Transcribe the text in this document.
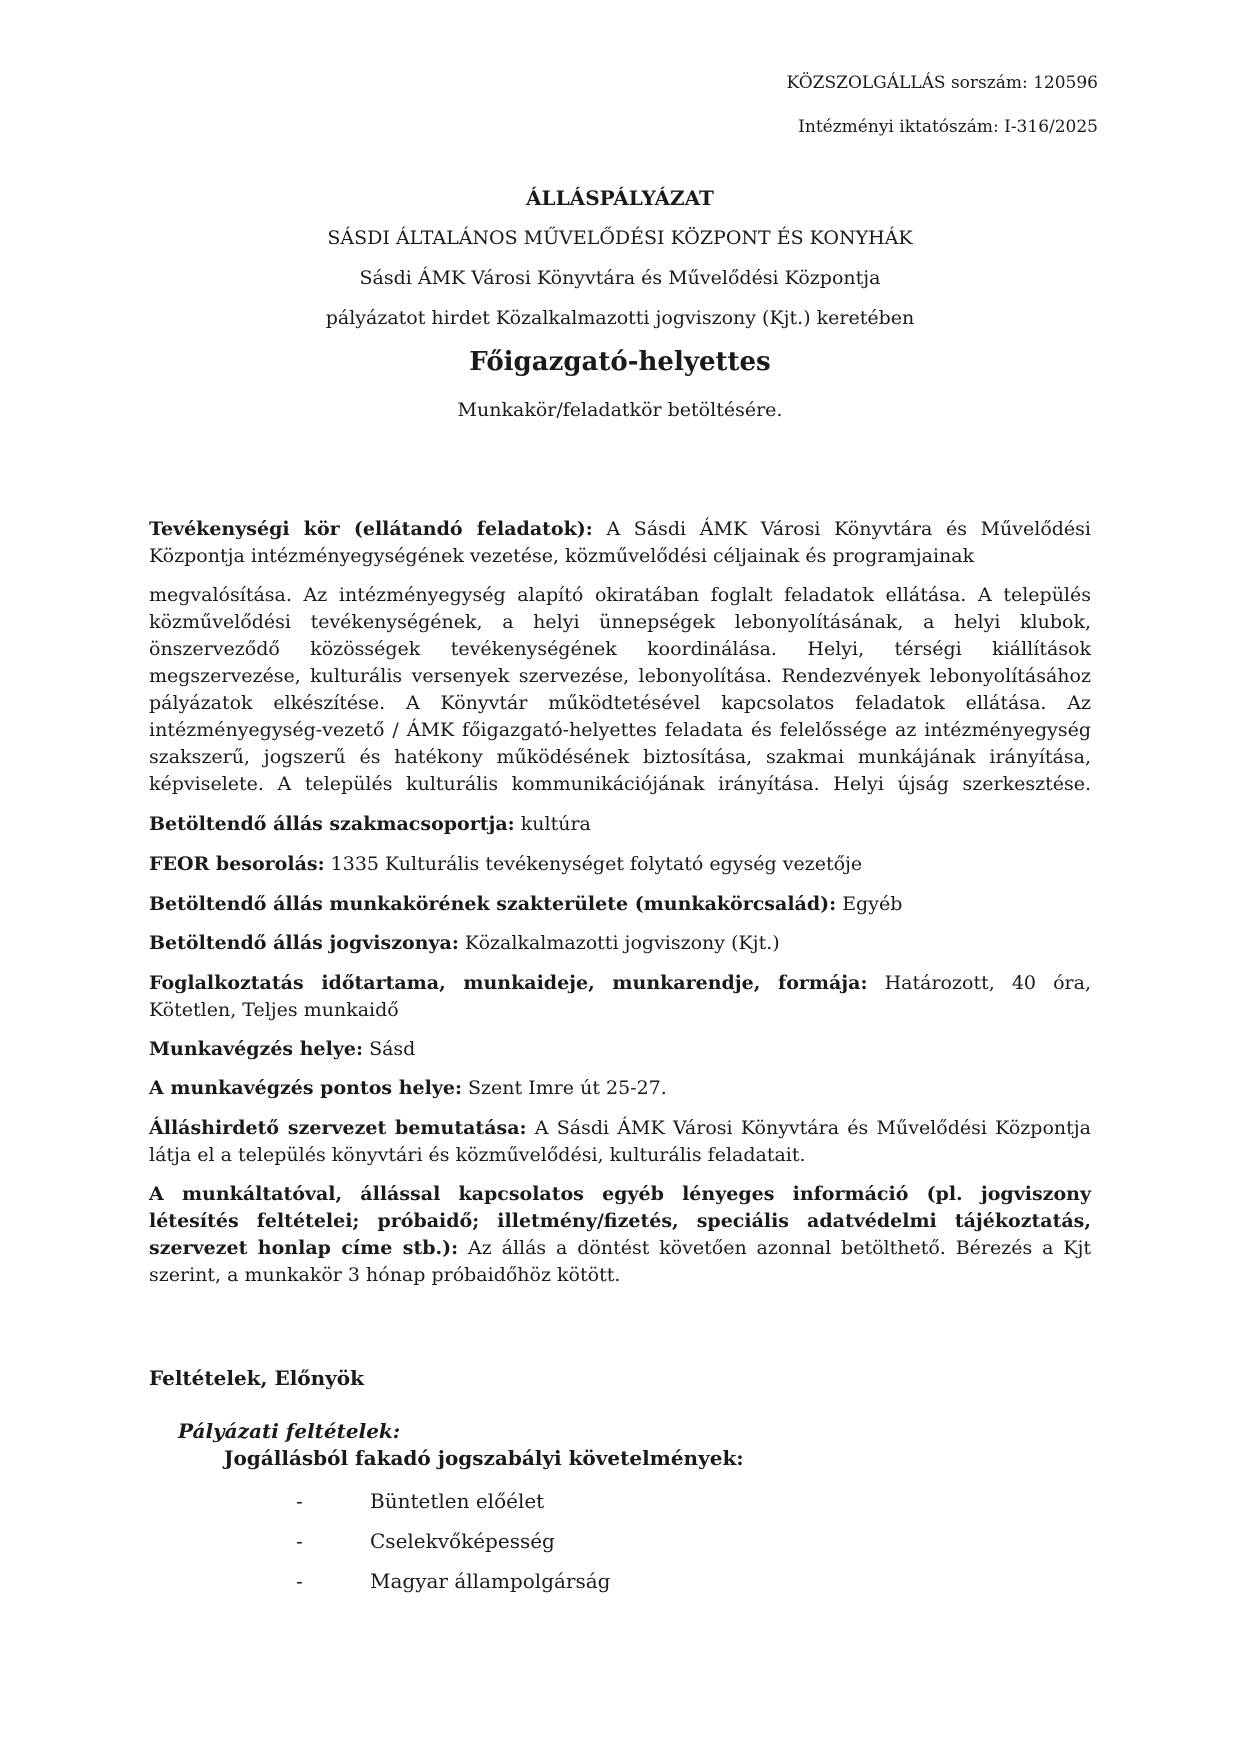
KÖZSZOLGÁLLÁS sorszám: 120596
Intézményi iktatószám: I-316/2025
ÁLLÁSPÁLYÁZAT
SÁSDI ÁLTALÁNOS MŰVELŐDÉSI KÖZPONT ÉS KONYHÁK
Sásdi ÁMK Városi Könyvtára és Művelődési Központja
pályázatot hirdet Közalkalmazotti jogviszony (Kjt.) keretében
Főigazgató-helyettes
Munkakör/feladatkör betöltésére.
Tevékenységi kör (ellátandó feladatok): A Sásdi ÁMK Városi Könyvtára és Művelődési Központja intézményegységének vezetése, közművelődési céljainak és programjainak
megvalósítása. Az intézményegység alapító okiratában foglalt feladatok ellátása. A település közművelődési tevékenységének, a helyi ünnepségek lebonyolításának, a helyi klubok, önszerveződő közösségek tevékenységének koordinálása. Helyi, térségi kiállítások megszervezése, kulturális versenyek szervezése, lebonyolítása. Rendezvények lebonyolításához pályázatok elkészítése. A Könyvtár működtetésével kapcsolatos feladatok ellátása. Az intézményegység-vezető / ÁMK főigazgató-helyettes feladata és felelőssége az intézményegység szakszerű, jogszerű és hatékony működésének biztosítása, szakmai munkájának irányítása, képviselete. A település kulturális kommunikációjának irányítása. Helyi újság szerkesztése.
Betöltendő állás szakmacsoportja: kultúra
FEOR besorolás: 1335 Kulturális tevékenységet folytató egység vezetője
Betöltendő állás munkakörének szakterülete (munkakörcsalád): Egyéb
Betöltendő állás jogviszonya: Közalkalmazotti jogviszony (Kjt.)
Foglalkoztatás időtartama, munkaideje, munkarendje, formája: Határozott, 40 óra, Kötetlen, Teljes munkaidő
Munkavégzés helye: Sásd
A munkavégzés pontos helye: Szent Imre út 25-27.
Álláshirdető szervezet bemutatása: A Sásdi ÁMK Városi Könyvtára és Művelődési Központja látja el a település könyvtári és közművelődési, kulturális feladatait.
A munkáltatóval, állással kapcsolatos egyéb lényeges információ (pl. jogviszony létesítés feltételei; próbaidő; illetmény/fizetés, speciális adatvédelmi tájékoztatás, szervezet honlap címe stb.): Az állás a döntést követően azonnal betölthető. Bérezés a Kjt szerint, a munkakör 3 hónap próbaidőhöz kötött.
Feltételek, Előnyök
Pályázati feltételek:
Jogállásból fakadó jogszabályi követelmények:
-	Büntetlen előélet
-	Cselekvőképesség
-	Magyar állampolgárság
